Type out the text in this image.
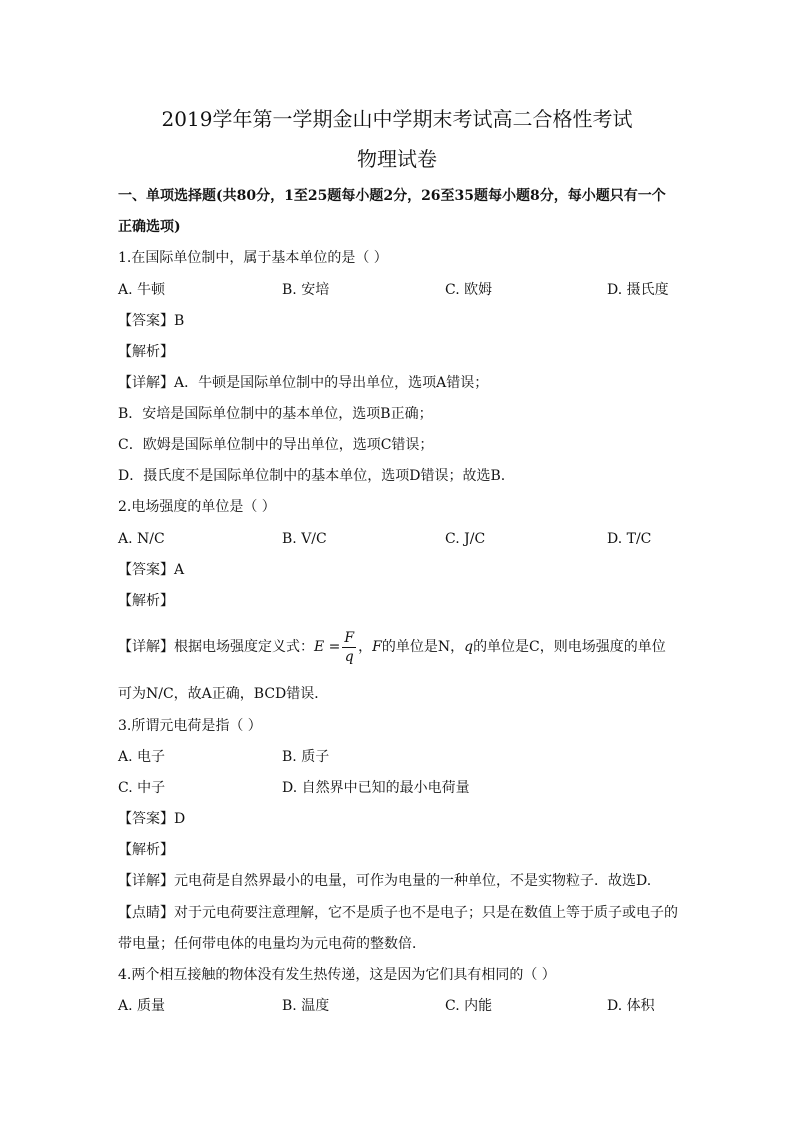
2019学年第一学期金山中学期末考试高二合格性考试
物理试卷
一、单项选择题(共80分，1至25题每小题2分，26至35题每小题8分，每小题只有一个
正确选项)
1.在国际单位制中，属于基本单位的是（ ）
A. 牛顿	B. 安培	C. 欧姆	D. 摄氏度
【答案】B
【解析】
【详解】A．牛顿是国际单位制中的导出单位，选项A错误；
B．安培是国际单位制中的基本单位，选项B正确；
C．欧姆是国际单位制中的导出单位，选项C错误；
D．摄氏度不是国际单位制中的基本单位，选项D错误；故选B.
2.电场强度的单位是（ ）
A. N/C	B. V/C	C. J/C	D. T/C
【答案】A
【解析】
【详解】根据电场强度定义式：$E = \frac{F}{q}$ ，F的单位是N，q的单位是C，则电场强度的单位
可为N/C，故A正确，BCD错误．
3.所谓元电荷是指（ ）
A. 电子	B. 质子
C. 中子	D. 自然界中已知的最小电荷量
【答案】D
【解析】
【详解】元电荷是自然界最小的电量，可作为电量的一种单位，不是实物粒子．故选D.
【点睛】对于元电荷要注意理解，它不是质子也不是电子；只是在数值上等于质子或电子的
带电量；任何带电体的电量均为元电荷的整数倍．
4.两个相互接触的物体没有发生热传递，这是因为它们具有相同的（ ）
A. 质量	B. 温度	C. 内能	D. 体积
